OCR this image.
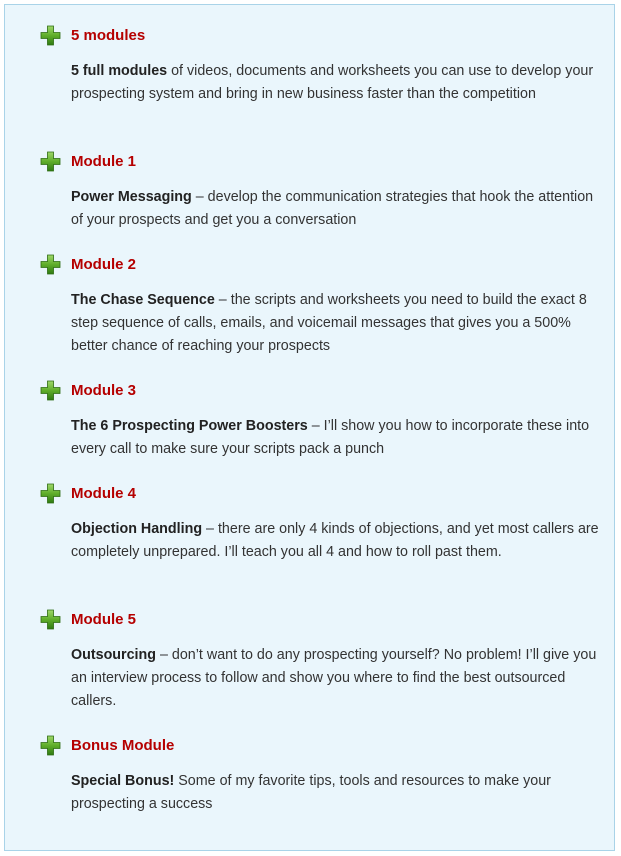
5 modules

5 full modules of videos, documents and worksheets you can use to develop your prospecting system and bring in new business faster than the competition

Module 1

Power Messaging – develop the communication strategies that hook the attention of your prospects and get you a conversation

Module 2

The Chase Sequence – the scripts and worksheets you need to build the exact 8 step sequence of calls, emails, and voicemail messages that gives you a 500% better chance of reaching your prospects

Module 3

The 6 Prospecting Power Boosters – I’ll show you how to incorporate these into every call to make sure your scripts pack a punch

Module 4

Objection Handling – there are only 4 kinds of objections, and yet most callers are completely unprepared. I’ll teach you all 4 and how to roll past them.

Module 5

Outsourcing – don’t want to do any prospecting yourself? No problem! I’ll give you an interview process to follow and show you where to find the best outsourced callers.

Bonus Module

Special Bonus! Some of my favorite tips, tools and resources to make your prospecting a success
